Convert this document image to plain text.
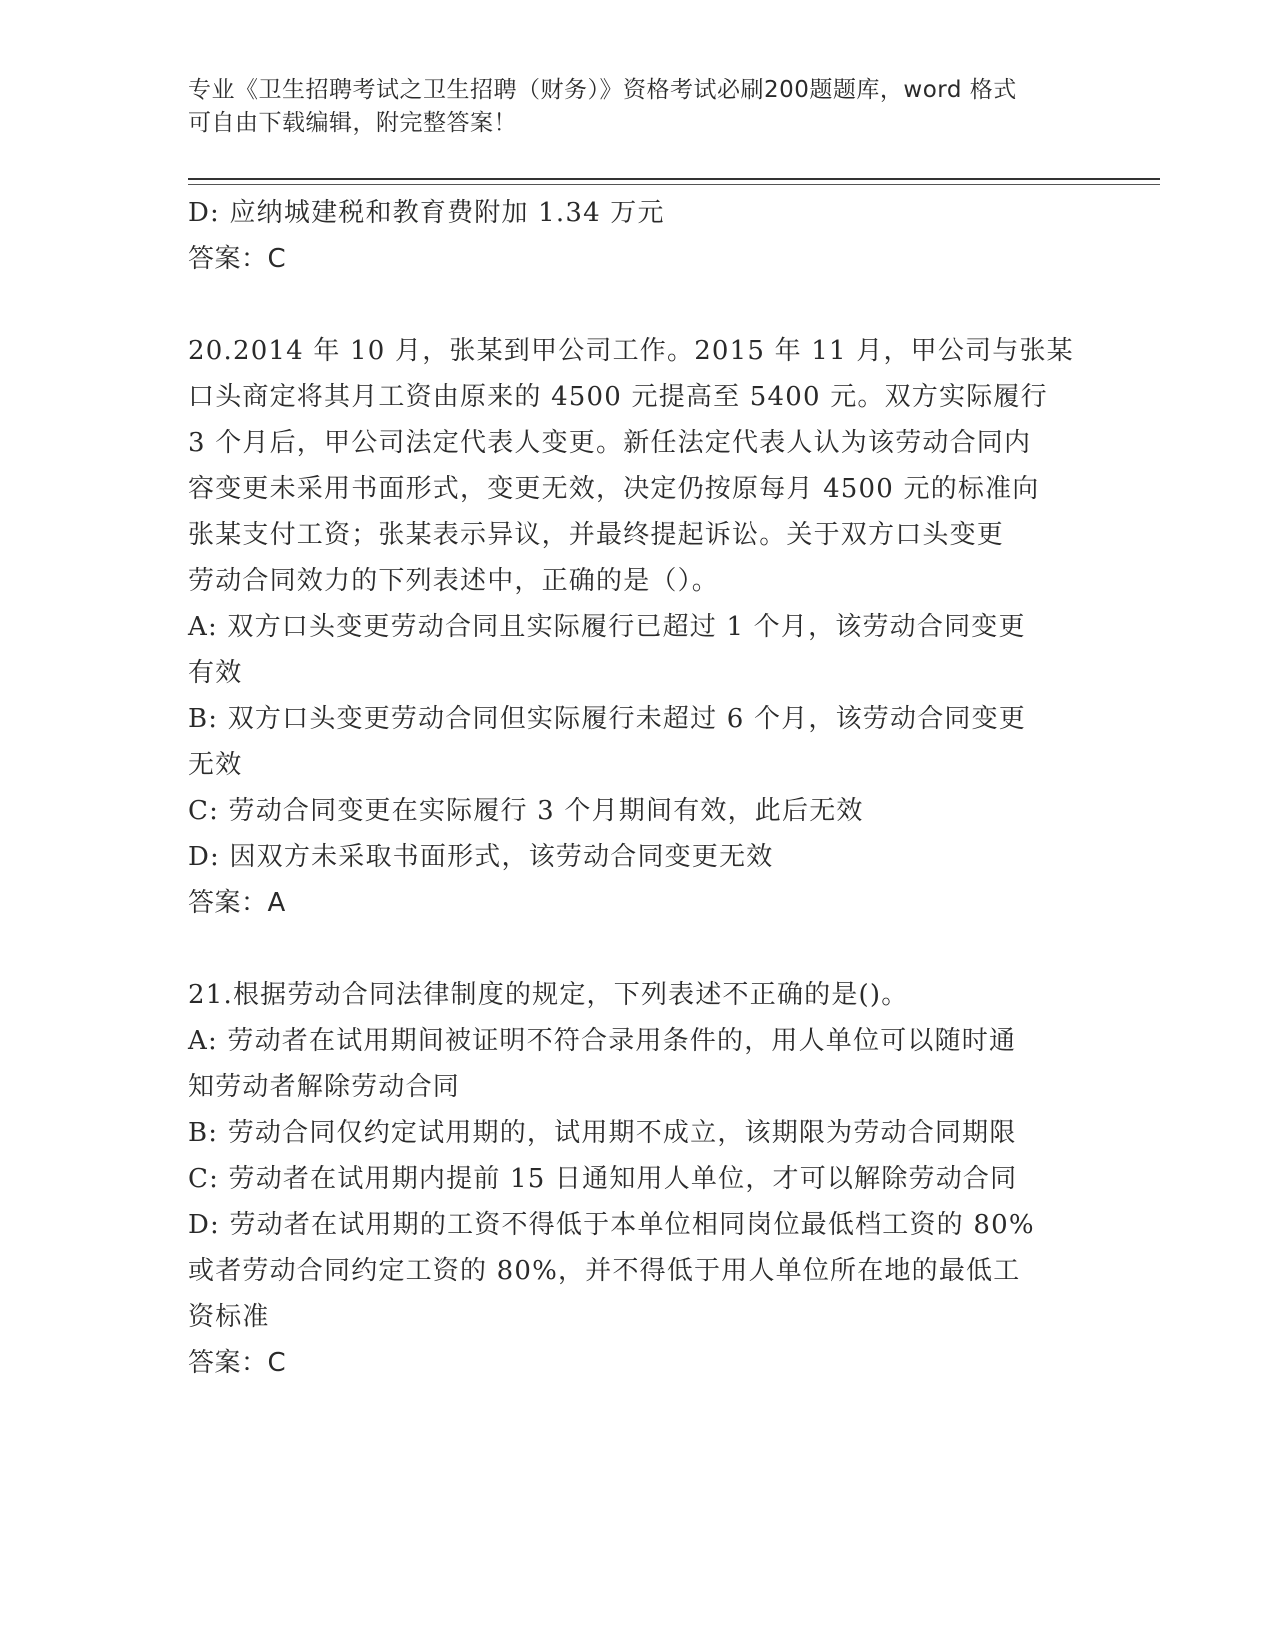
专业《卫生招聘考试之卫生招聘（财务）》资格考试必刷200题题库，word 格式
可自由下载编辑，附完整答案！
D: 应纳城建税和教育费附加 1.34 万元
答案：C
20.2014 年 10 月，张某到甲公司工作。2015 年 11 月，甲公司与张某
口头商定将其月工资由原来的 4500 元提高至 5400 元。双方实际履行
3 个月后，甲公司法定代表人变更。新任法定代表人认为该劳动合同内
容变更未采用书面形式，变更无效，决定仍按原每月 4500 元的标准向
张某支付工资；张某表示异议，并最终提起诉讼。关于双方口头变更
劳动合同效力的下列表述中，正确的是（）。
A: 双方口头变更劳动合同且实际履行已超过 1 个月，该劳动合同变更
有效
B: 双方口头变更劳动合同但实际履行未超过 6 个月，该劳动合同变更
无效
C: 劳动合同变更在实际履行 3 个月期间有效，此后无效
D: 因双方未采取书面形式，该劳动合同变更无效
答案：A
21.根据劳动合同法律制度的规定，下列表述不正确的是()。
A: 劳动者在试用期间被证明不符合录用条件的，用人单位可以随时通
知劳动者解除劳动合同
B: 劳动合同仅约定试用期的，试用期不成立，该期限为劳动合同期限
C: 劳动者在试用期内提前 15 日通知用人单位，才可以解除劳动合同
D: 劳动者在试用期的工资不得低于本单位相同岗位最低档工资的 80%
或者劳动合同约定工资的 80%，并不得低于用人单位所在地的最低工
资标准
答案：C
